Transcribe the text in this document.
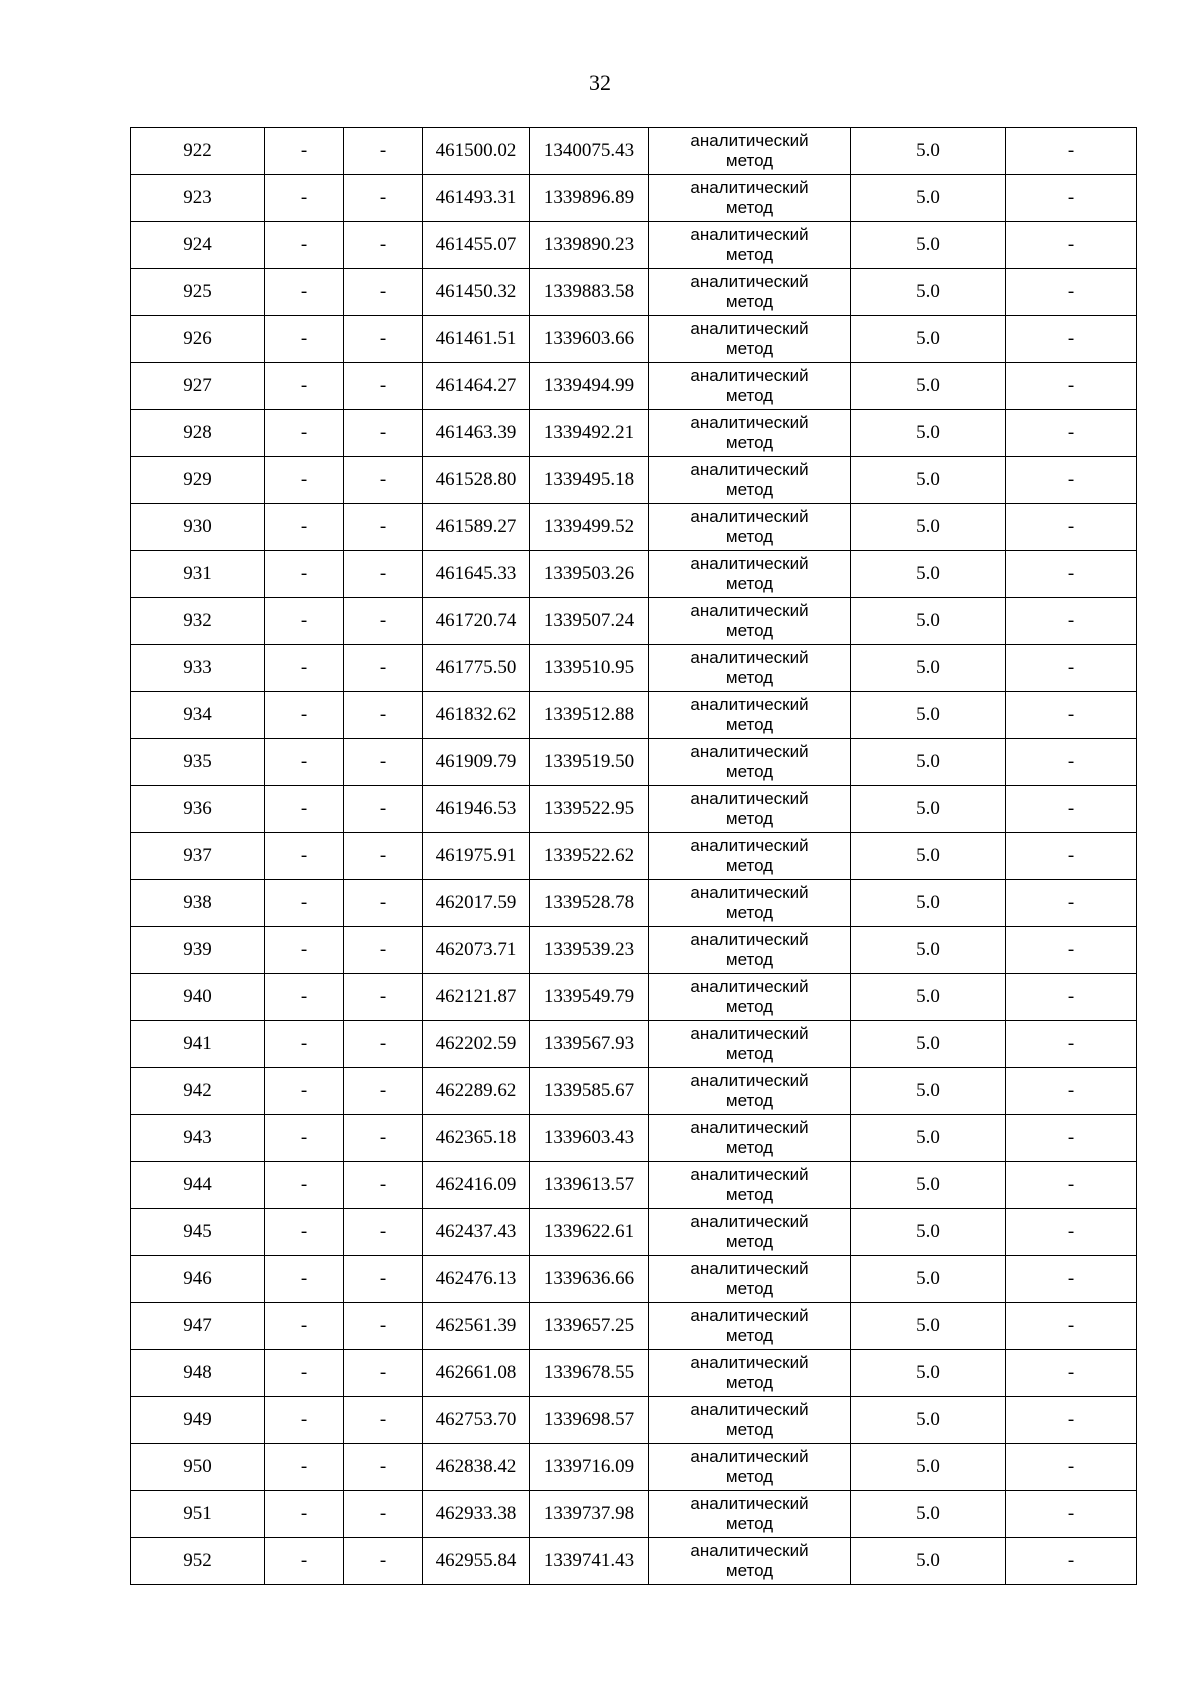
32
922	-	-	461500.02	1340075.43	аналитический
метод	5.0	-
923	-	-	461493.31	1339896.89	аналитический
метод	5.0	-
924	-	-	461455.07	1339890.23	аналитический
метод	5.0	-
925	-	-	461450.32	1339883.58	аналитический
метод	5.0	-
926	-	-	461461.51	1339603.66	аналитический
метод	5.0	-
927	-	-	461464.27	1339494.99	аналитический
метод	5.0	-
928	-	-	461463.39	1339492.21	аналитический
метод	5.0	-
929	-	-	461528.80	1339495.18	аналитический
метод	5.0	-
930	-	-	461589.27	1339499.52	аналитический
метод	5.0	-
931	-	-	461645.33	1339503.26	аналитический
метод	5.0	-
932	-	-	461720.74	1339507.24	аналитический
метод	5.0	-
933	-	-	461775.50	1339510.95	аналитический
метод	5.0	-
934	-	-	461832.62	1339512.88	аналитический
метод	5.0	-
935	-	-	461909.79	1339519.50	аналитический
метод	5.0	-
936	-	-	461946.53	1339522.95	аналитический
метод	5.0	-
937	-	-	461975.91	1339522.62	аналитический
метод	5.0	-
938	-	-	462017.59	1339528.78	аналитический
метод	5.0	-
939	-	-	462073.71	1339539.23	аналитический
метод	5.0	-
940	-	-	462121.87	1339549.79	аналитический
метод	5.0	-
941	-	-	462202.59	1339567.93	аналитический
метод	5.0	-
942	-	-	462289.62	1339585.67	аналитический
метод	5.0	-
943	-	-	462365.18	1339603.43	аналитический
метод	5.0	-
944	-	-	462416.09	1339613.57	аналитический
метод	5.0	-
945	-	-	462437.43	1339622.61	аналитический
метод	5.0	-
946	-	-	462476.13	1339636.66	аналитический
метод	5.0	-
947	-	-	462561.39	1339657.25	аналитический
метод	5.0	-
948	-	-	462661.08	1339678.55	аналитический
метод	5.0	-
949	-	-	462753.70	1339698.57	аналитический
метод	5.0	-
950	-	-	462838.42	1339716.09	аналитический
метод	5.0	-
951	-	-	462933.38	1339737.98	аналитический
метод	5.0	-
952	-	-	462955.84	1339741.43	аналитический
метод	5.0	-
